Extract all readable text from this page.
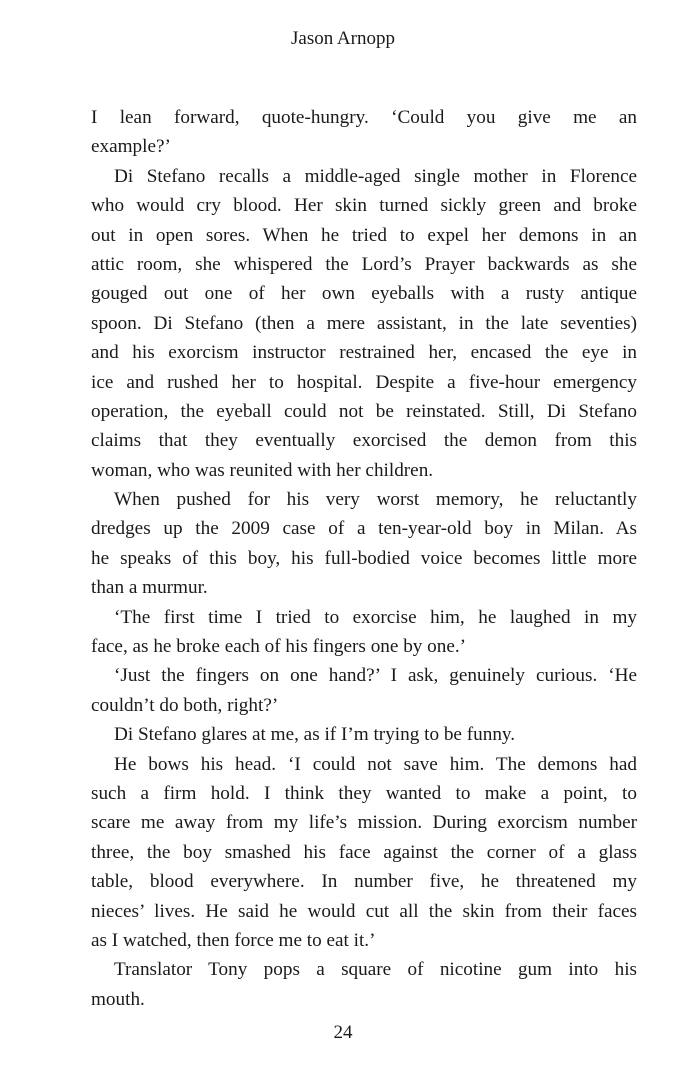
Jason Arnopp
I lean forward, quote-hungry. ‘Could you give me an
example?’
Di Stefano recalls a middle-aged single mother in Florence
who would cry blood. Her skin turned sickly green and broke
out in open sores. When he tried to expel her demons in an
attic room, she whispered the Lord’s Prayer backwards as she
gouged out one of her own eyeballs with a rusty antique
spoon. Di Stefano (then a mere assistant, in the late seventies)
and his exorcism instructor restrained her, encased the eye in
ice and rushed her to hospital. Despite a five-hour emergency
operation, the eyeball could not be reinstated. Still, Di Stefano
claims that they eventually exorcised the demon from this
woman, who was reunited with her children.
When pushed for his very worst memory, he reluctantly
dredges up the 2009 case of a ten-year-old boy in Milan. As
he speaks of this boy, his full-bodied voice becomes little more
than a murmur.
‘The first time I tried to exorcise him, he laughed in my
face, as he broke each of his fingers one by one.’
‘Just the fingers on one hand?’ I ask, genuinely curious. ‘He
couldn’t do both, right?’
Di Stefano glares at me, as if I’m trying to be funny.
He bows his head. ‘I could not save him. The demons had
such a firm hold. I think they wanted to make a point, to
scare me away from my life’s mission. During exorcism number
three, the boy smashed his face against the corner of a glass
table, blood everywhere. In number five, he threatened my
nieces’ lives. He said he would cut all the skin from their faces
as I watched, then force me to eat it.’
Translator Tony pops a square of nicotine gum into his
mouth.
24
